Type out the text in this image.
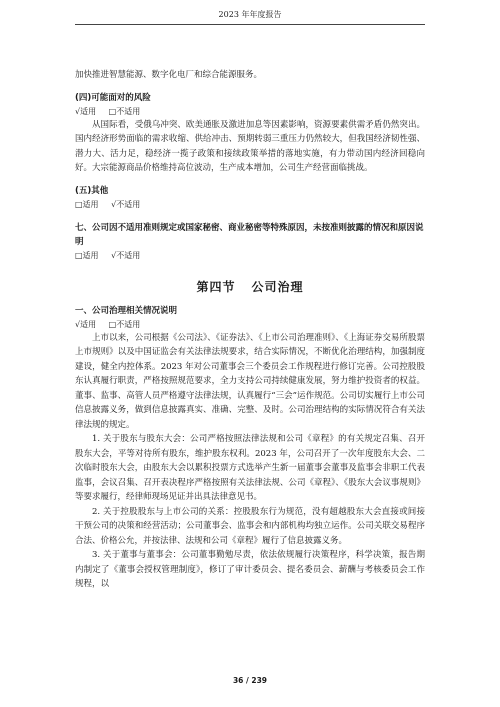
2023 年年度报告

加快推进智慧能源、数字化电厂和综合能源服务。

(四)可能面对的风险
√适用 □不适用

从国际看，受俄乌冲突、欧美通胀及激进加息等因素影响，资源要素供需矛盾仍然突出。国内经济形势面临的需求收缩、供给冲击、预期转弱三重压力仍然较大，但我国经济韧性强、潜力大、活力足，稳经济一揽子政策和接续政策举措的落地实施，有力带动国内经济回稳向好。大宗能源商品价格维持高位波动，生产成本增加，公司生产经营面临挑战。

(五)其他
□适用 √不适用
七、公司因不适用准则规定或国家秘密、商业秘密等特殊原因，未按准则披露的情况和原因说明
□适用 √不适用
第四节 公司治理
一、公司治理相关情况说明
√适用 □不适用

上市以来，公司根据《公司法》、《证券法》、《上市公司治理准则》、《上海证券交易所股票上市规则》以及中国证监会有关法律法规要求，结合实际情况，不断优化治理结构，加强制度建设，健全内控体系。2023 年对公司董事会三个委员会工作规程进行修订完善。公司控股股东认真履行职责，严格按照规范要求，全力支持公司持续健康发展，努力维护投资者的权益。董事、监事、高管人员严格遵守法律法规，认真履行“三会”运作规范。公司切实履行上市公司信息披露义务，做到信息披露真实、准确、完整、及时。公司治理结构的实际情况符合有关法律法规的规定。

1. 关于股东与股东大会：公司严格按照法律法规和公司《章程》的有关规定召集、召开股东大会，平等对待所有股东，维护股东权利。2023 年，公司召开了一次年度股东大会、二次临时股东大会，由股东大会以累积投票方式选举产生新一届董事会董事及监事会非职工代表监事，会议召集、召开表决程序严格按照有关法律法规、公司《章程》、《股东大会议事规则》等要求履行，经律师现场见证并出具法律意见书。

2. 关于控股股东与上市公司的关系：控股股东行为规范，没有超越股东大会直接或间接干预公司的决策和经营活动；公司董事会、监事会和内部机构均独立运作。公司关联交易程序合法、价格公允，并按法律、法规和公司《章程》履行了信息披露义务。

3. 关于董事与董事会：公司董事勤勉尽责，依法依规履行决策程序，科学决策，报告期内制定了《董事会授权管理制度》，修订了审计委员会、提名委员会、薪酬与考核委员会工作规程，以

36 / 239
